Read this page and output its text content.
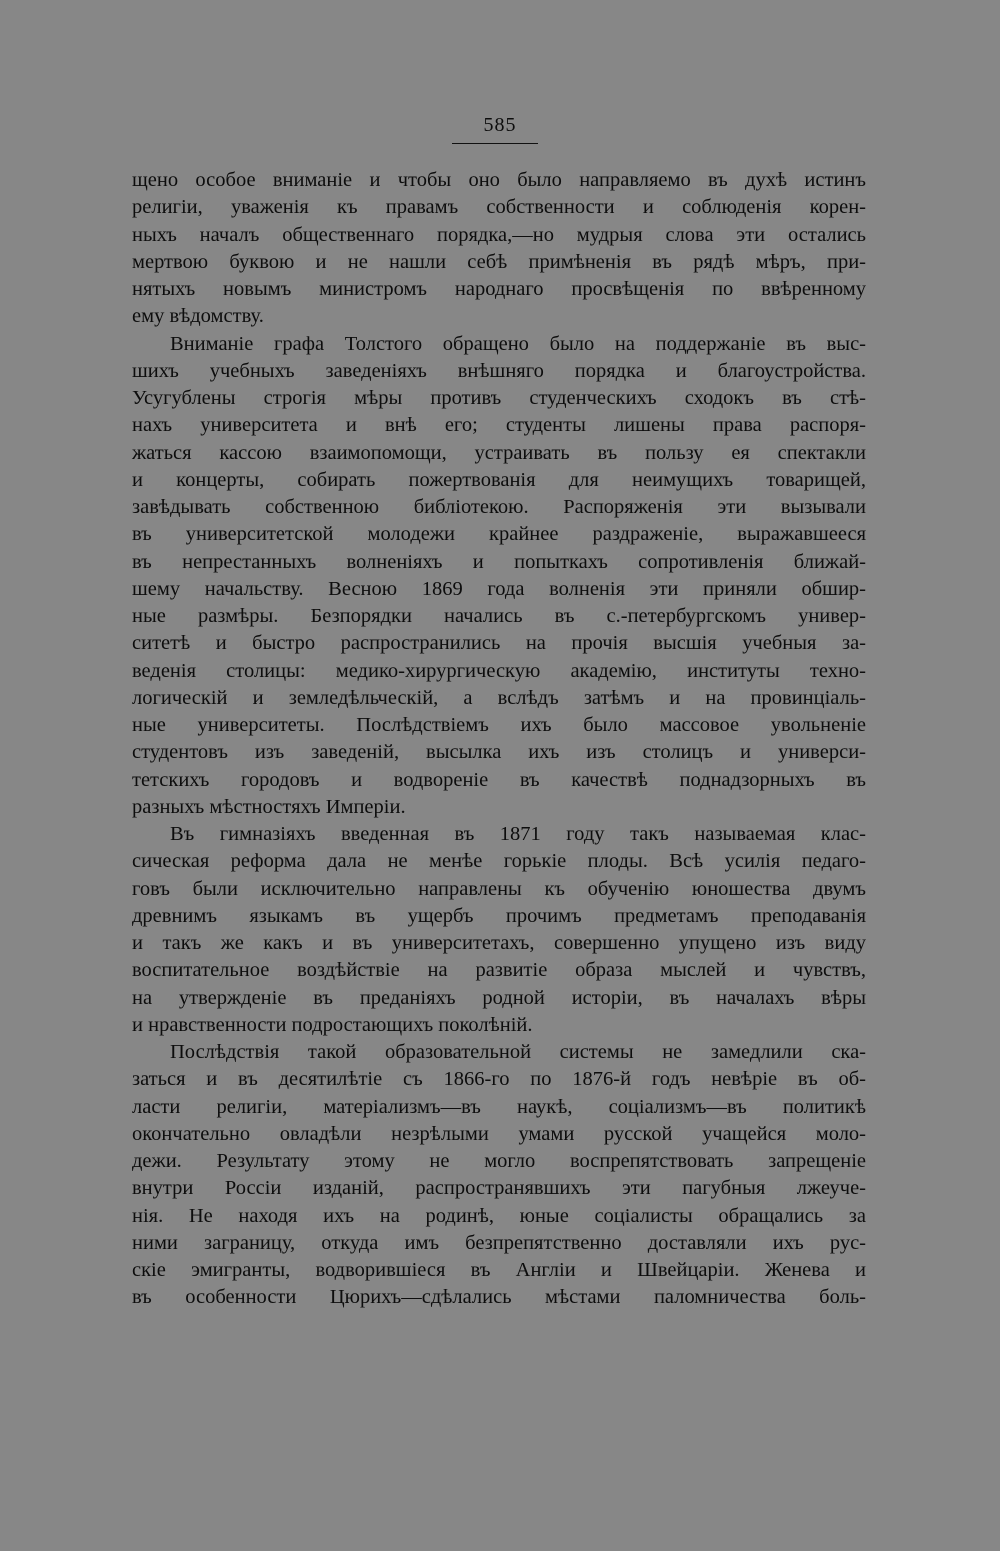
585

щено особое вниманіе и чтобы оно было направляемо въ духѣ истинъ
религіи, уваженія къ правамъ собственности и соблюденія корен-
ныхъ началъ общественнаго порядка,—но мудрыя слова эти остались
мертвою буквою и не нашли себѣ примѣненія въ рядѣ мѣръ, при-
нятыхъ новымъ министромъ народнаго просвѣщенія по ввѣренному
ему вѣдомству.

Вниманіе графа Толстого обращено было на поддержаніе въ выс-
шихъ учебныхъ заведеніяхъ внѣшняго порядка и благоустройства.
Усугублены строгія мѣры противъ студенческихъ сходокъ въ стѣ-
нахъ университета и внѣ его; студенты лишены права распоря-
жаться кассою взаимопомощи, устраивать въ пользу ея спектакли
и концерты, собирать пожертвованія для неимущихъ товарищей,
завѣдывать собственною библіотекою. Распоряженія эти вызывали
въ университетской молодежи крайнее раздраженіе, выражавшееся
въ непрестанныхъ волненіяхъ и попыткахъ сопротивленія ближай-
шему начальству. Весною 1869 года волненія эти приняли обшир-
ные размѣры. Безпорядки начались въ с.-петербургскомъ универ-
ситетѣ и быстро распространились на прочія высшія учебныя за-
веденія столицы: медико-хирургическую академію, институты техно-
логическій и земледѣльческій, а вслѣдъ затѣмъ и на провинціаль-
ные университеты. Послѣдствіемъ ихъ было массовое увольненіе
студентовъ изъ заведеній, высылка ихъ изъ столицъ и универси-
тетскихъ городовъ и водвореніе въ качествѣ поднадзорныхъ въ
разныхъ мѣстностяхъ Имперіи.

Въ гимназіяхъ введенная въ 1871 году такъ называемая клас-
сическая реформа дала не менѣе горькіе плоды. Всѣ усилія педаго-
говъ были исключительно направлены къ обученію юношества двумъ
древнимъ языкамъ въ ущербъ прочимъ предметамъ преподаванія
и такъ же какъ и въ университетахъ, совершенно упущено изъ виду
воспитательное воздѣйствіе на развитіе образа мыслей и чувствъ,
на утвержденіе въ преданіяхъ родной исторіи, въ началахъ вѣры
и нравственности подростающихъ поколѣній.

Послѣдствія такой образовательной системы не замедлили ска-
заться и въ десятилѣтіе съ 1866-го по 1876-й годъ невѣріе въ об-
ласти религіи, матеріализмъ—въ наукѣ, соціализмъ—въ политикѣ
окончательно овладѣли незрѣлыми умами русской учащейся моло-
дежи. Результату этому не могло воспрепятствовать запрещеніе
внутри Россіи изданій, распространявшихъ эти пагубныя лжеуче-
нія. Не находя ихъ на родинѣ, юные соціалисты обращались за
ними заграницу, откуда имъ безпрепятственно доставляли ихъ рус-
скіе эмигранты, водворившіеся въ Англіи и Швейцаріи. Женева и
въ особенности Цюрихъ—сдѣлались мѣстами паломничества боль-
